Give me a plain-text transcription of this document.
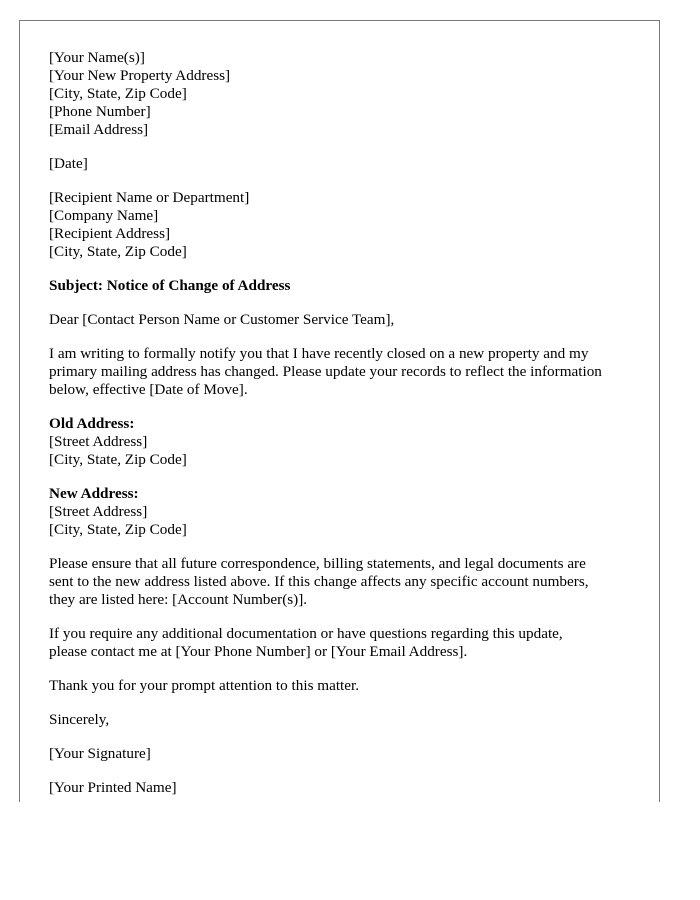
[Your Name(s)]
[Your New Property Address]
[City, State, Zip Code]
[Phone Number]
[Email Address]
[Date]
[Recipient Name or Department]
[Company Name]
[Recipient Address]
[City, State, Zip Code]
Subject: Notice of Change of Address
Dear [Contact Person Name or Customer Service Team],
I am writing to formally notify you that I have recently closed on a new property and my
primary mailing address has changed. Please update your records to reflect the information
below, effective [Date of Move].
Old Address:
[Street Address]
[City, State, Zip Code]
New Address:
[Street Address]
[City, State, Zip Code]
Please ensure that all future correspondence, billing statements, and legal documents are
sent to the new address listed above. If this change affects any specific account numbers,
they are listed here: [Account Number(s)].
If you require any additional documentation or have questions regarding this update,
please contact me at [Your Phone Number] or [Your Email Address].
Thank you for your prompt attention to this matter.
Sincerely,
[Your Signature]
[Your Printed Name]
